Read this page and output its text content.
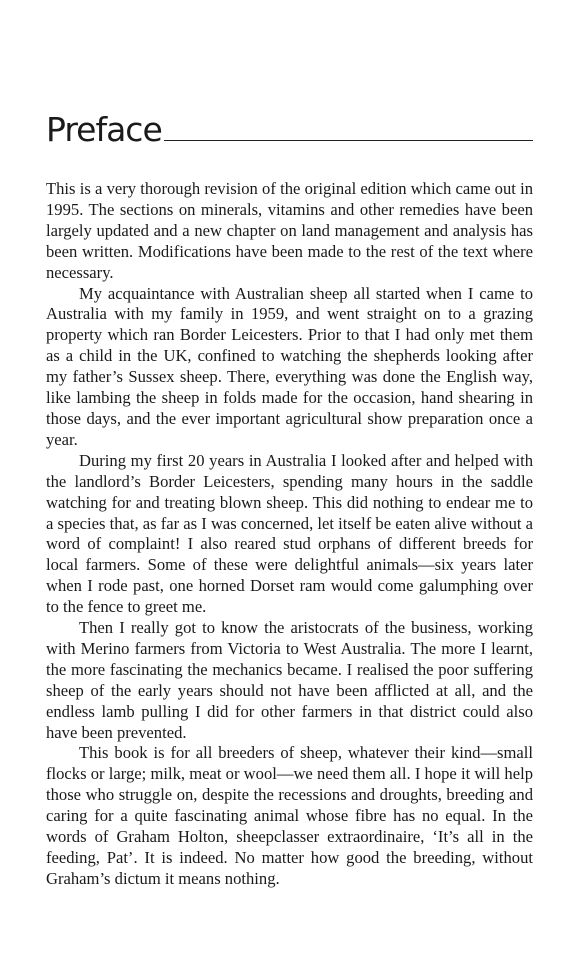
Preface

This is a very thorough revision of the original edition which came out in 1995. The sections on minerals, vitamins and other remedies have been largely updated and a new chapter on land management and analysis has been written. Modifications have been made to the rest of the text where necessary.

My acquaintance with Australian sheep all started when I came to Australia with my family in 1959, and went straight on to a grazing property which ran Border Leicesters. Prior to that I had only met them as a child in the UK, confined to watching the shepherds looking after my father’s Sussex sheep. There, everything was done the English way, like lambing the sheep in folds made for the occasion, hand shearing in those days, and the ever important agricultural show preparation once a year.

During my first 20 years in Australia I looked after and helped with the landlord’s Border Leicesters, spending many hours in the saddle watching for and treating blown sheep. This did nothing to endear me to a species that, as far as I was concerned, let itself be eaten alive without a word of complaint! I also reared stud orphans of different breeds for local farmers. Some of these were delightful animals—six years later when I rode past, one horned Dorset ram would come galumphing over to the fence to greet me.

Then I really got to know the aristocrats of the business, working with Merino farmers from Victoria to West Australia. The more I learnt, the more fascinating the mechanics became. I realised the poor suffering sheep of the early years should not have been afflicted at all, and the endless lamb pulling I did for other farmers in that district could also have been prevented.

This book is for all breeders of sheep, whatever their kind—small flocks or large; milk, meat or wool—we need them all. I hope it will help those who struggle on, despite the recessions and droughts, breeding and caring for a quite fascinating animal whose fibre has no equal. In the words of Graham Holton, sheepclasser extraordinaire, ‘It’s all in the feeding, Pat’. It is indeed. No matter how good the breeding, without Graham’s dictum it means nothing.
